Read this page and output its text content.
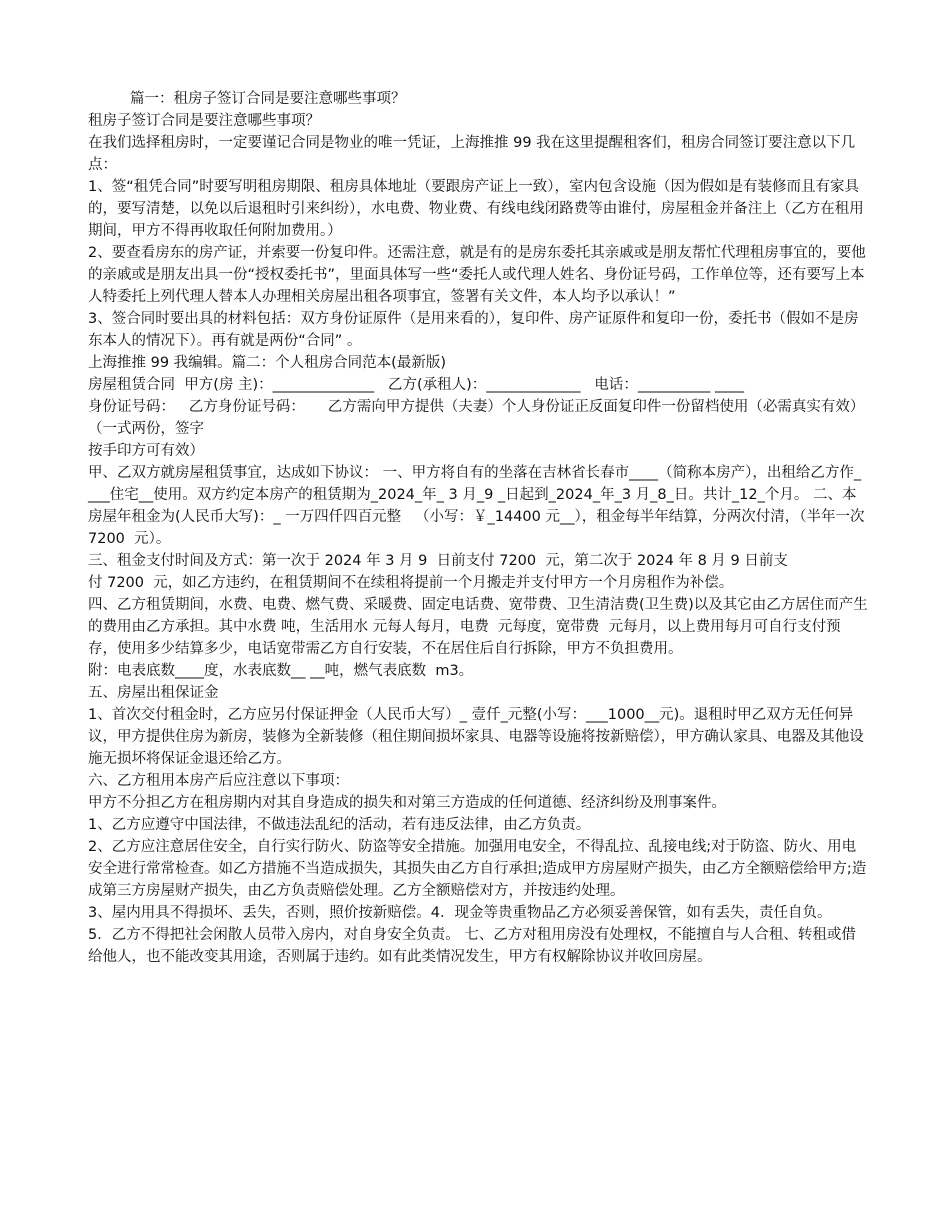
篇一：租房子签订合同是要注意哪些事项？

租房子签订合同是要注意哪些事项？

在我们选择租房时，一定要谨记合同是物业的唯一凭证，上海推推 99 我在这里提醒租客们，租房合同签订要注意以下几点：

1、签“租凭合同”时要写明租房期限、租房具体地址（要跟房产证上一致），室内包含设施（因为假如是有装修而且有家具的，要写清楚，以免以后退租时引来纠纷），水电费、物业费、有线电线闭路费等由谁付，房屋租金并备注上（乙方在租用期间，甲方不得再收取任何附加费用。）

2、要查看房东的房产证，并索要一份复印件。还需注意，就是有的是房东委托其亲戚或是朋友帮忙代理租房事宜的，要他的亲戚或是朋友出具一份“授权委托书”，里面具体写一些“委托人或代理人姓名、身份证号码，工作单位等，还有要写上本人特委托上列代理人替本人办理相关房屋出租各项事宜，签署有关文件，本人均予以承认！”

3、签合同时要出具的材料包括：双方身份证原件（是用来看的），复印件、房产证原件和复印一份，委托书（假如不是房东本人的情况下）。再有就是两份“合同” 。

上海推推 99 我编辑。篇二：个人租房合同范本(最新版)

房屋租赁合同  甲方(房 主)：______________   乙方(承租人)：_____________   电话：__________ ____

身份证号码：   乙方身份证号码：     乙方需向甲方提供（夫妻）个人身份证正反面复印件一份留档使用（必需真实有效）（一式两份，签字

按手印方可有效）

甲、乙双方就房屋租赁事宜，达成如下协议： 一、甲方将自有的坐落在吉林省长春市____（简称本房产），出租给乙方作____住宅__使用。双方约定本房产的租赁期为_2024_年_ 3 月_9 _日起到_2024_年_3 月_8_日。共计_12_个月。 二、本房屋年租金为(人民币大写)：_ 一万四仟四百元整   （小写：￥_14400 元__），租金每半年结算，分两次付清，（半年一次 7200  元）。

三、租金支付时间及方式：第一次于 2024 年 3 月 9  日前支付 7200  元，第二次于 2024 年 8 月 9 日前支

付 7200  元，如乙方违约，在租赁期间不在续租将提前一个月搬走并支付甲方一个月房租作为补偿。

四、乙方租赁期间，水费、电费、燃气费、采暖费、固定电话费、宽带费、卫生清洁费(卫生费)以及其它由乙方居住而产生的费用由乙方承担。其中水费 吨，生活用水 元每人每月，电费  元每度，宽带费  元每月，以上费用每月可自行支付预存，使用多少结算多少，电话宽带需乙方自行安装，不在居住后自行拆除，甲方不负担费用。

附：电表底数____度，水表底数__ __吨，燃气表底数  m3。

五、房屋出租保证金

1、首次交付租金时，乙方应另付保证押金（人民币大写）_ 壹仟_元整(小写：___1000__元)。退租时甲乙双方无任何异议，甲方提供住房为新房，装修为全新装修（租住期间损坏家具、电器等设施将按新赔偿），甲方确认家具、电器及其他设施无损坏将保证金退还给乙方。

六、乙方租用本房产后应注意以下事项：

甲方不分担乙方在租房期内对其自身造成的损失和对第三方造成的任何道德、经济纠纷及刑事案件。

1、乙方应遵守中国法律，不做违法乱纪的活动，若有违反法律，由乙方负责。

2、乙方应注意居住安全，自行实行防火、防盗等安全措施。加强用电安全，不得乱拉、乱接电线;对于防盗、防火、用电安全进行常常检查。如乙方措施不当造成损失，其损失由乙方自行承担;造成甲方房屋财产损失，由乙方全额赔偿给甲方;造成第三方房屋财产损失，由乙方负责赔偿处理。乙方全额赔偿对方，并按违约处理。

3、屋内用具不得损坏、丢失，否则，照价按新赔偿。4．现金等贵重物品乙方必须妥善保管，如有丢失，责任自负。

5．乙方不得把社会闲散人员带入房内，对自身安全负责。 七、乙方对租用房没有处理权，不能擅自与人合租、转租或借给他人，也不能改变其用途，否则属于违约。如有此类情况发生，甲方有权解除协议并收回房屋。
